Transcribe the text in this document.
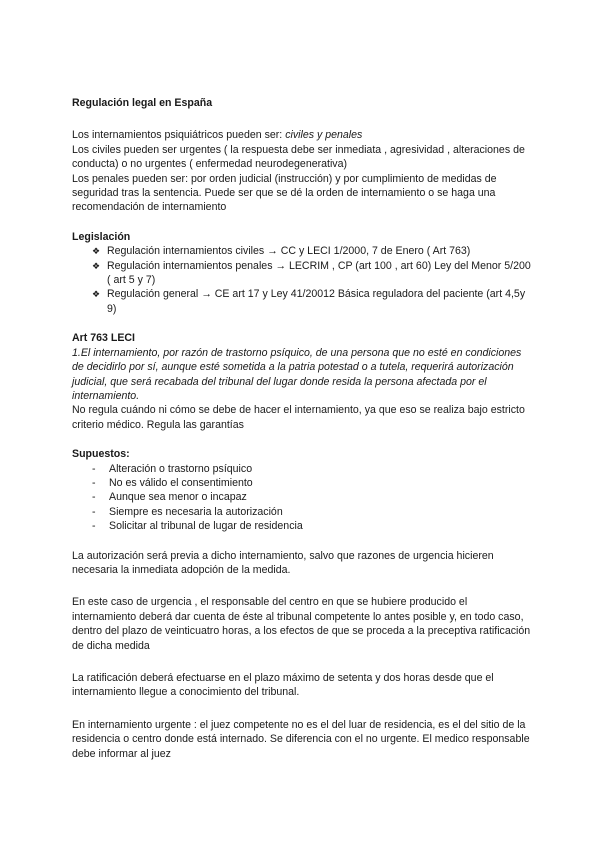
Regulación legal en España

Los internamientos psiquiátricos pueden ser: civiles y penales

Los civiles pueden ser urgentes ( la respuesta debe ser inmediata , agresividad , alteraciones de conducta) o no urgentes ( enfermedad neurodegenerativa)

Los penales pueden ser: por orden judicial (instrucción) y por cumplimiento de medidas de seguridad tras la sentencia. Puede ser que se dé la orden de internamiento o se haga una recomendación de internamiento

Legislación

❖ Regulación internamientos civiles → CC y LECI 1/2000, 7 de Enero ( Art 763)
❖ Regulación internamientos penales → LECRIM , CP (art 100 , art 60) Ley del Menor 5/200 ( art 5 y 7)
❖ Regulación general → CE art 17 y Ley 41/20012 Básica reguladora del paciente (art 4,5y 9)

Art 763 LECI

1.El internamiento, por razón de trastorno psíquico, de una persona que no esté en condiciones de decidirlo por sí, aunque esté sometida a la patria potestad o a tutela, requerirá autorización judicial, que será recabada del tribunal del lugar donde resida la persona afectada por el internamiento.

No regula cuándo ni cómo se debe de hacer el internamiento, ya que eso se realiza bajo estricto criterio médico. Regula las garantías

Supuestos:

- Alteración o trastorno psíquico
- No es válido el consentimiento
- Aunque sea menor o incapaz
- Siempre es necesaria la autorización
- Solicitar al tribunal de lugar de residencia

La autorización será previa a dicho internamiento, salvo que razones de urgencia hicieren necesaria la inmediata adopción de la medida.

En este caso de urgencia , el responsable del centro en que se hubiere producido el internamiento deberá dar cuenta de éste al tribunal competente lo antes posible y, en todo caso, dentro del plazo de veinticuatro horas, a los efectos de que se proceda a la preceptiva ratificación de dicha medida

La ratificación deberá efectuarse en el plazo máximo de setenta y dos horas desde que el internamiento llegue a conocimiento del tribunal.

En internamiento urgente : el juez competente no es el del luar de residencia, es el del sitio de la residencia o centro donde está internado. Se diferencia con el no urgente. El medico responsable debe informar al juez
